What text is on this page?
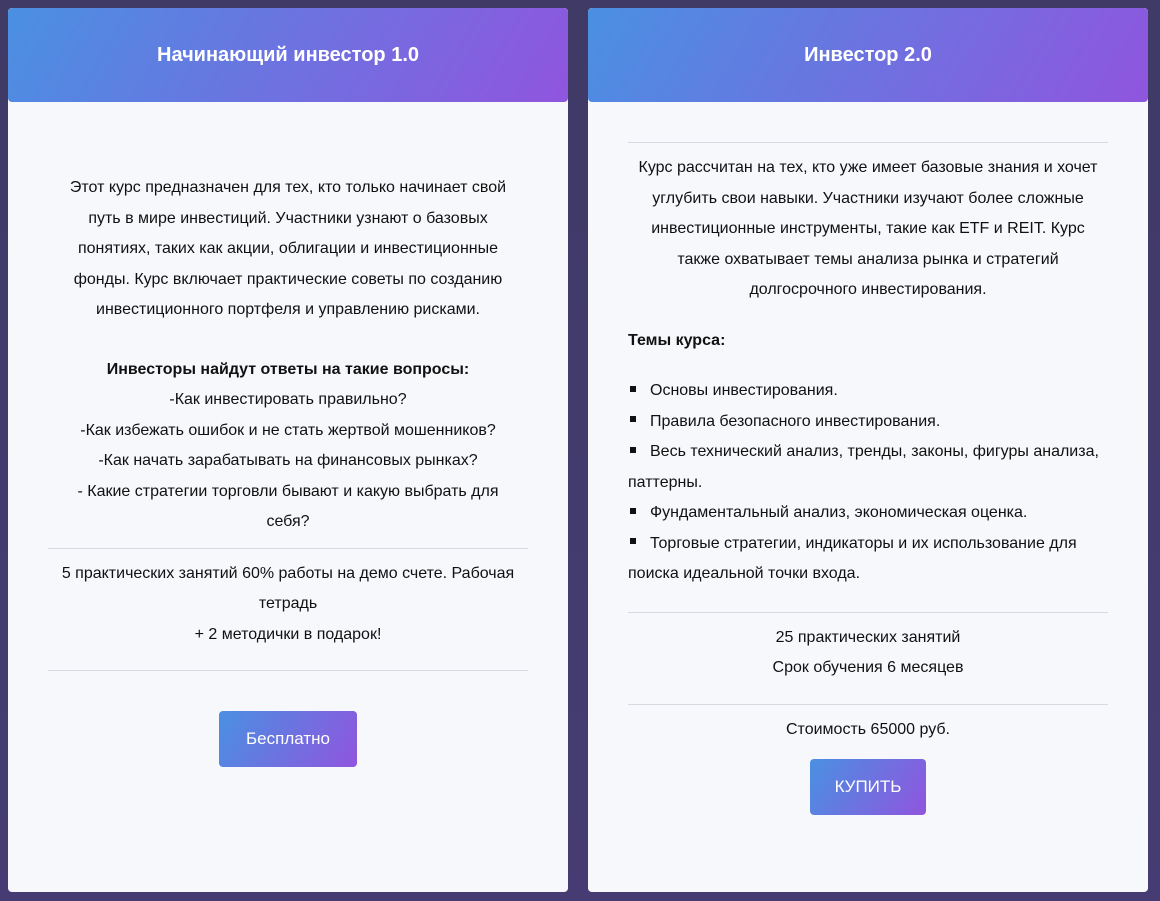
Начинающий инвестор 1.0
Этот курс предназначен для тех, кто только начинает свой
путь в мире инвестиций. Участники узнают о базовых
понятиях, таких как акции, облигации и инвестиционные
фонды. Курс включает практические советы по созданию
инвестиционного портфеля и управлению рисками.
Инвесторы найдут ответы на такие вопросы:
-Как инвестировать правильно?
-Как избежать ошибок и не стать жертвой мошенников?
-Как начать зарабатывать на финансовых рынках?
- Какие стратегии торговли бывают и какую выбрать для
себя?
5 практических занятий 60% работы на демо счете. Рабочая
тетрадь
+ 2 методички в подарок!
Бесплатно
Инвестор 2.0
Курс рассчитан на тех, кто уже имеет базовые знания и хочет
углубить свои навыки. Участники изучают более сложные
инвестиционные инструменты, такие как ETF и REIT. Курс
также охватывает темы анализа рынка и стратегий
долгосрочного инвестирования.
Темы курса:
Основы инвестирования.
Правила безопасного инвестирования.
Весь технический анализ, тренды, законы, фигуры анализа,
паттерны.
Фундаментальный анализ, экономическая оценка.
Торговые стратегии, индикаторы и их использование для
поиска идеальной точки входа.
25 практических занятий
Срок обучения 6 месяцев
Стоимость 65000 руб.
КУПИТЬ
